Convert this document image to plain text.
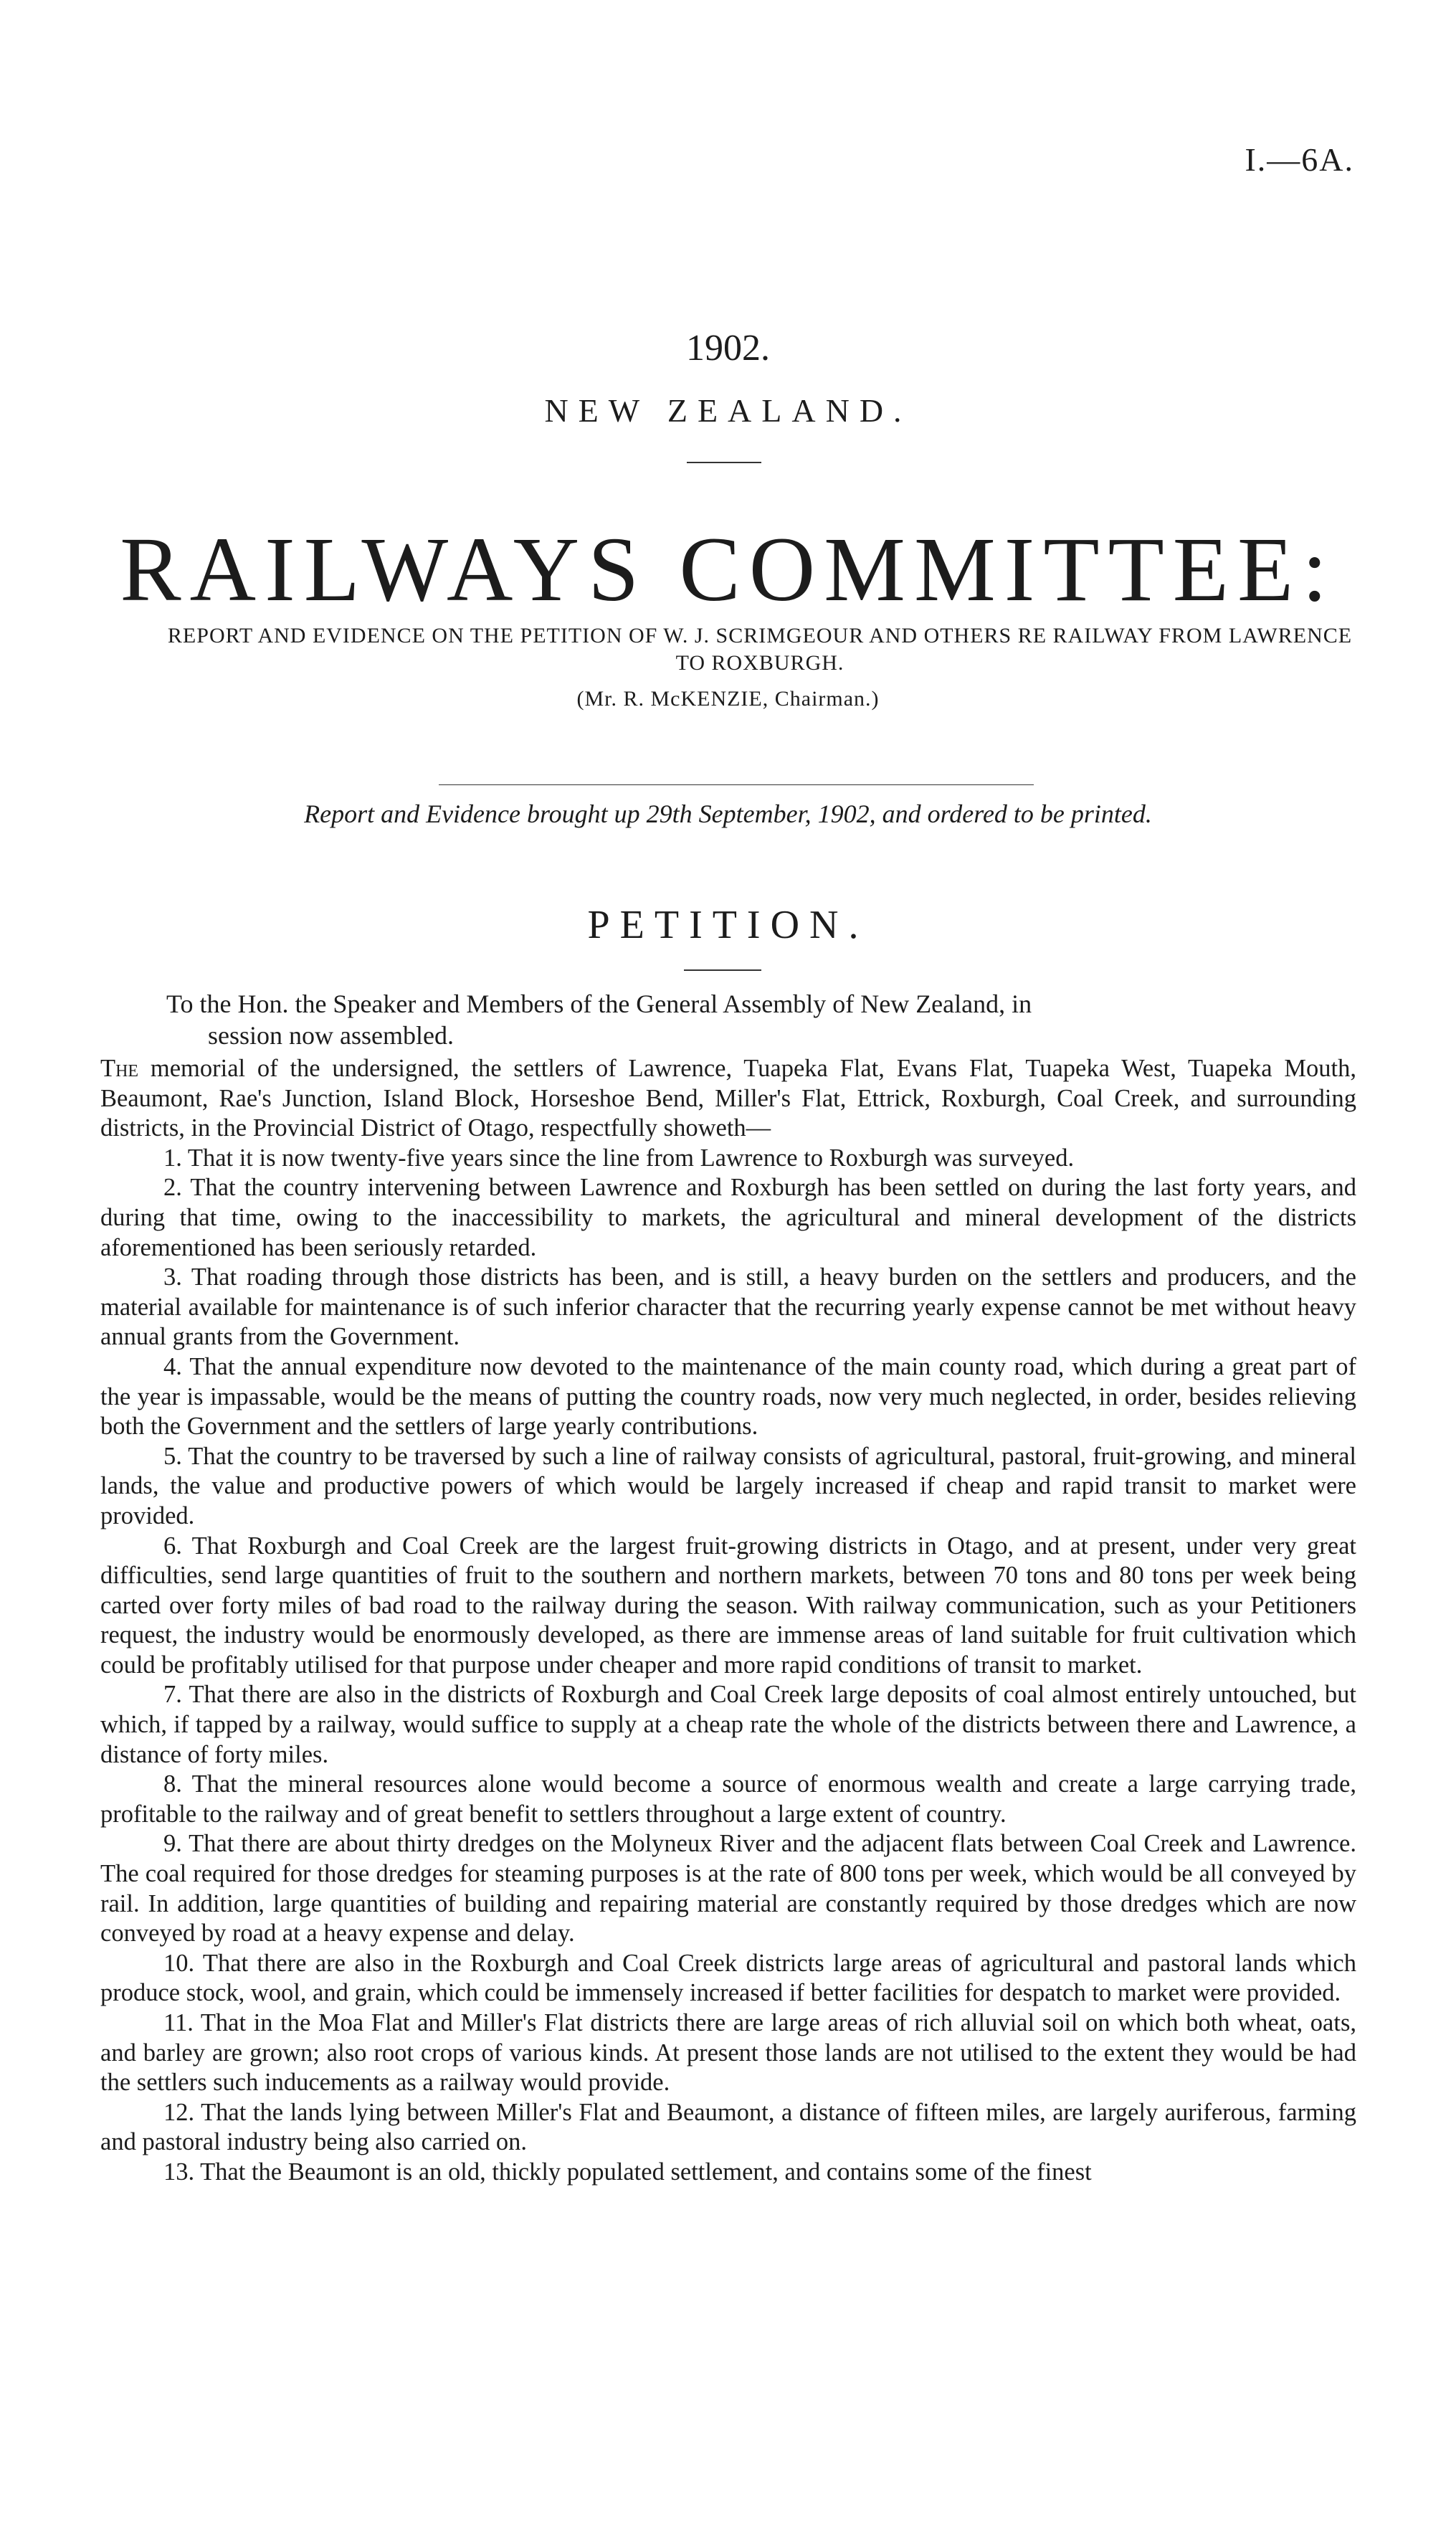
I.—6A.
1902.
NEW ZEALAND.
RAILWAYS COMMITTEE:
REPORT AND EVIDENCE ON THE PETITION OF W. J. SCRIMGEOUR AND OTHERS RE RAILWAY FROM LAWRENCE TO ROXBURGH.
(Mr. R. McKENZIE, Chairman.)
Report and Evidence brought up 29th September, 1902, and ordered to be printed.
PETITION.
To the Hon. the Speaker and Members of the General Assembly of New Zealand, in
session now assembled.

The memorial of the undersigned, the settlers of Lawrence, Tuapeka Flat, Evans Flat, Tuapeka West, Tuapeka Mouth, Beaumont, Rae's Junction, Island Block, Horseshoe Bend, Miller's Flat, Ettrick, Roxburgh, Coal Creek, and surrounding districts, in the Provincial District of Otago, respectfully showeth—

1. That it is now twenty-five years since the line from Lawrence to Roxburgh was surveyed.

2. That the country intervening between Lawrence and Roxburgh has been settled on during the last forty years, and during that time, owing to the inaccessibility to markets, the agricultural and mineral development of the districts aforementioned has been seriously retarded.

3. That roading through those districts has been, and is still, a heavy burden on the settlers and producers, and the material available for maintenance is of such inferior character that the recurring yearly expense cannot be met without heavy annual grants from the Government.

4. That the annual expenditure now devoted to the maintenance of the main county road, which during a great part of the year is impassable, would be the means of putting the country roads, now very much neglected, in order, besides relieving both the Government and the settlers of large yearly contributions.

5. That the country to be traversed by such a line of railway consists of agricultural, pastoral, fruit-growing, and mineral lands, the value and productive powers of which would be largely increased if cheap and rapid transit to market were provided.

6. That Roxburgh and Coal Creek are the largest fruit-growing districts in Otago, and at present, under very great difficulties, send large quantities of fruit to the southern and northern markets, between 70 tons and 80 tons per week being carted over forty miles of bad road to the railway during the season. With railway communication, such as your Petitioners request, the industry would be enormously developed, as there are immense areas of land suitable for fruit cultivation which could be profitably utilised for that purpose under cheaper and more rapid conditions of transit to market.

7. That there are also in the districts of Roxburgh and Coal Creek large deposits of coal almost entirely untouched, but which, if tapped by a railway, would suffice to supply at a cheap rate the whole of the districts between there and Lawrence, a distance of forty miles.

8. That the mineral resources alone would become a source of enormous wealth and create a large carrying trade, profitable to the railway and of great benefit to settlers throughout a large extent of country.

9. That there are about thirty dredges on the Molyneux River and the adjacent flats between Coal Creek and Lawrence. The coal required for those dredges for steaming purposes is at the rate of 800 tons per week, which would be all conveyed by rail. In addition, large quantities of building and repairing material are constantly required by those dredges which are now conveyed by road at a heavy expense and delay.

10. That there are also in the Roxburgh and Coal Creek districts large areas of agricultural and pastoral lands which produce stock, wool, and grain, which could be immensely increased if better facilities for despatch to market were provided.

11. That in the Moa Flat and Miller's Flat districts there are large areas of rich alluvial soil on which both wheat, oats, and barley are grown; also root crops of various kinds. At present those lands are not utilised to the extent they would be had the settlers such inducements as a railway would provide.

12. That the lands lying between Miller's Flat and Beaumont, a distance of fifteen miles, are largely auriferous, farming and pastoral industry being also carried on.

13. That the Beaumont is an old, thickly populated settlement, and contains some of the finest
